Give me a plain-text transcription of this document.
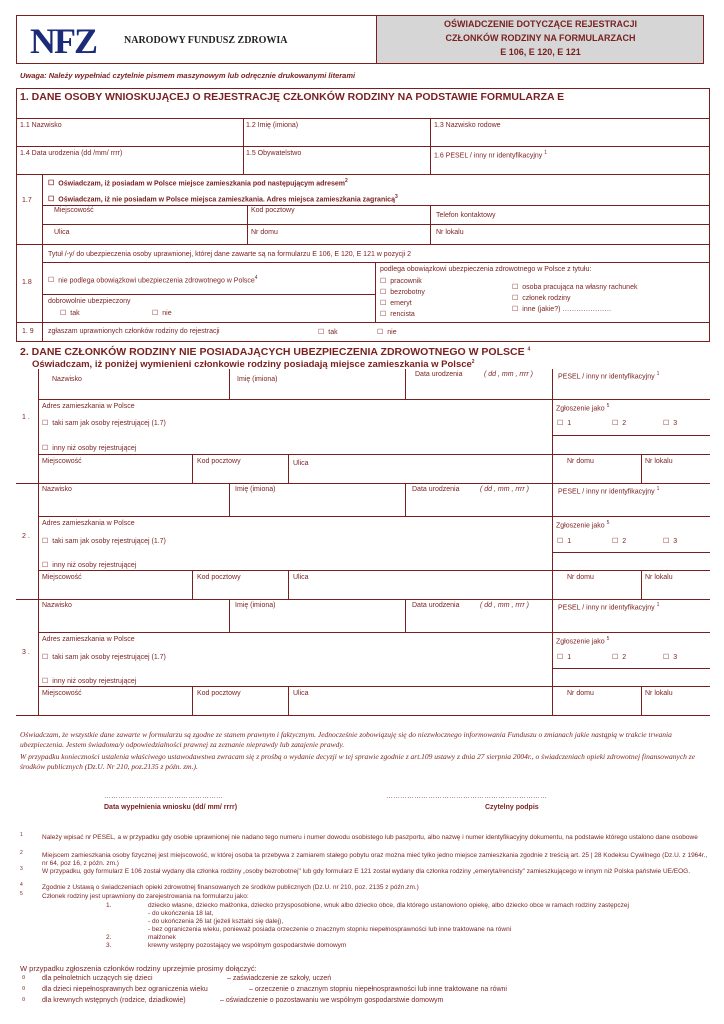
NFZ	NARODOWY FUNDUSZ ZDROWIA
OŚWIADCZENIE DOTYCZĄCE REJESTRACJI
CZŁONKÓW RODZINY NA FORMULARZACH
E 106, E 120, E 121
Uwaga: Należy wypełniać czytelnie pismem maszynowym lub odręcznie drukowanymi literami
1. DANE OSOBY WNIOSKUJĄCEJ O REJESTRACJĘ CZŁONKÓW RODZINY NA PODSTAWIE FORMULARZA E
1.1 Nazwisko	1.2 Imię (imiona)	1.3 Nazwisko rodowe
1.4 Data urodzenia (dd /mm/ rrrr)	1.5 Obywatelstwo	1.6 PESEL / inny nr identyfikacyjny $^1$
1.7
☐ Oświadczam, iż posiadam w Polsce miejsce zamieszkania pod następującym adresem$^2$
☐ Oświadczam, iż nie posiadam w Polsce miejsca zamieszkania. Adres miejsca zamieszkania zagranicą$^3$
Miejscowość	Kod pocztowy
Telefon kontaktowy
Ulica	Nr domu	Nr lokalu
1.8
Tytuł /-y/ do ubezpieczenia osoby uprawnionej, której dane zawarte są na formularzu E 106, E 120, E 121 w pozycji 2
☐ nie podlega obowiązkowi ubezpieczenia zdrowotnego w Polsce$^4$
dobrowolnie ubezpieczony
☐ tak	☐ nie
podlega obowiązkowi ubezpieczenia zdrowotnego w Polsce z tytułu:
☐ pracownik
☐ bezrobotny
☐ emeryt
☐ rencista
☐ osoba pracująca na własny rachunek
☐ członek rodziny
☐ inne (jakie?) …………………
1. 9 zgłaszam uprawnionych członków rodziny do rejestracji	☐ tak	☐ nie
2. DANE CZŁONKÓW RODZINY NIE POSIADAJĄCYCH UBEZPIECZENIA ZDROWOTNEGO W POLSCE $^4$
Oświadczam, iż poniżej wymienieni członkowie rodziny posiadają miejsce zamieszkania w Polsce$^2$
1 .
Nazwisko	Imię (imiona)
Data urodzenia	( dd , mm , rrrr )	PESEL / inny nr identyfikacyjny $^1$
Adres zamieszkania w Polsce
☐ taki sam jak osoby rejestrującej (1.7)
☐ inny niż osoby rejestrującej
Zgłoszenie jako $^5$
☐ 1	☐ 2	☐ 3
Miejscowość	Kod pocztowy	Ulica	Nr domu	Nr lokalu
2 .
Nazwisko	Imię (imiona)	Data urodzenia	( dd , mm , rrrr )	PESEL / inny nr identyfikacyjny $^1$
Adres zamieszkania w Polsce
☐ taki sam jak osoby rejestrującej (1.7)
☐ inny niż osoby rejestrującej
Zgłoszenie jako $^5$
☐ 1	☐ 2	☐ 3
Miejscowość	Kod pocztowy	Ulica	Nr domu	Nr lokalu
3 .
Nazwisko	Imię (imiona)	Data urodzenia	( dd , mm , rrrr )	PESEL / inny nr identyfikacyjny $^1$
Adres zamieszkania w Polsce
☐ taki sam jak osoby rejestrującej (1.7)
☐ inny niż osoby rejestrującej
Zgłoszenie jako $^5$
☐ 1	☐ 2	☐ 3
Miejscowość	Kod pocztowy	Ulica	Nr domu	Nr lokalu
Oświadczam, że wszystkie dane zawarte w formularzu są zgodne ze stanem prawnym i faktycznym. Jednocześnie zobowiązuję się do niezwłocznego informowania Funduszu o zmianach jakie nastąpią w trakcie trwania ubezpieczenia. Jestem świadoma/y odpowiedzialności prawnej za zeznanie nieprawdy lub zatajenie prawdy.
W przypadku konieczności ustalenia właściwego ustawodawstwa zwracam się z prośbą o wydanie decyzji w tej sprawie zgodnie z art.109 ustawy z dnia 27 sierpnia 2004r., o świadczeniach opieki zdrowotnej finansowanych ze środków publicznych (Dz.U. Nr 210, poz.2135 z późn. zm.).
……………………………………………	……………………………………………………………
Data wypełnienia wniosku (dd/ mm/ rrrr)	Czytelny podpis
1	Należy wpisać nr PESEL, a w przypadku gdy osobie uprawnionej nie nadano tego numeru i numer dowodu osobistego lub paszportu, albo nazwę i numer identyfikacyjny dokumentu, na podstawie którego ustalono dane osobowe
2	Miejscem zamieszkania osoby fizycznej jest miejscowość, w której osoba ta przebywa z zamiarem stałego pobytu oraz można mieć tylko jedno miejsce zamieszkania zgodnie z treścią art. 25 | 28 Kodeksu Cywilnego (Dz.U. z 1964r., nr 64, poz 16, z późn. zm.)
3	W przypadku, gdy formularz E 106 został wydany dla członka rodziny „osoby bezrobotnej" lub gdy formularz E 121 został wydany dla członka rodziny „emeryta/rencisty" zamieszkującego w innym niż Polska państwie UE/EOG.
4	Zgodnie z Ustawą o świadczeniach opieki zdrowotnej finansowanych ze środków publicznych (Dz.U. nr 210, poz. 2135 z późn.zm.)
5	Członek rodziny jest uprawniony do zarejestrowania na formularzu jako:
1.	dziecko własne, dziecko małżonka, dziecko przysposobione, wnuk albo dziecko obce, dla którego ustanowiono opiekę, albo dziecko obce w ramach rodziny zastępczej
- do ukończenia 18 lat,
- do ukończenia 26 lat (jeżeli kształci się dalej),
- bez ograniczenia wieku, ponieważ posiada orzeczenie o znacznym stopniu niepełnosprawności lub inne traktowane na równi
2.	małżonek
3.	krewny wstępny pozostający we wspólnym gospodarstwie domowym
W przypadku zgłoszenia członków rodziny uprzejmie prosimy dołączyć:
¤ dla pełnoletnich uczących się dzieci	– zaświadczenie ze szkoły, uczeń
¤ dla dzieci niepełnosprawnych bez ograniczenia wieku	– orzeczenie o znacznym stopniu niepełnosprawności lub inne traktowane na równi
¤ dla krewnych wstępnych (rodzice, dziadkowie)	– oświadczenie o pozostawaniu we wspólnym gospodarstwie domowym
